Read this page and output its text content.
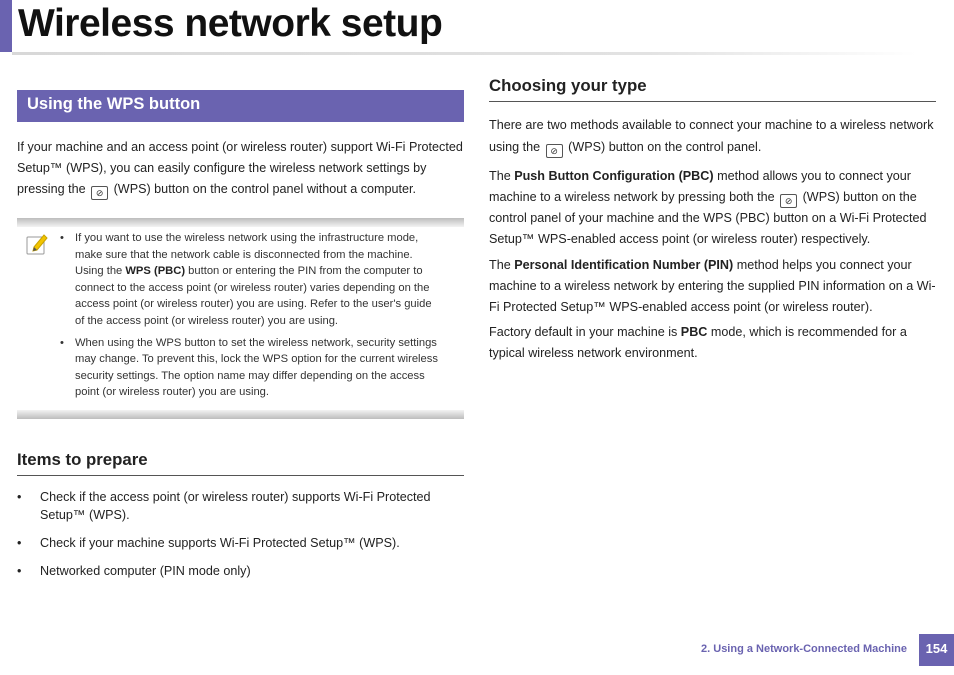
Wireless network setup
Using the WPS button
If your machine and an access point (or wireless router) support Wi-Fi Protected
Setup™ (WPS), you can easily configure the wireless network settings by
pressing the ⊘ (WPS) button on the control panel without a computer.
• If you want to use the wireless network using the infrastructure mode,
make sure that the network cable is disconnected from the machine.
Using the WPS (PBC) button or entering the PIN from the computer to
connect to the access point (or wireless router) varies depending on the
access point (or wireless router) you are using. Refer to the user's guide
of the access point (or wireless router) you are using.
• When using the WPS button to set the wireless network, security settings
may change. To prevent this, lock the WPS option for the current wireless
security settings. The option name may differ depending on the access
point (or wireless router) you are using.
Items to prepare
• Check if the access point (or wireless router) supports Wi-Fi Protected Setup™ (WPS).
• Check if your machine supports Wi-Fi Protected Setup™ (WPS).
• Networked computer (PIN mode only)
Choosing your type
There are two methods available to connect your machine to a wireless network
using the ⊘ (WPS) button on the control panel.
The Push Button Configuration (PBC) method allows you to connect your
machine to a wireless network by pressing both the ⊘ (WPS) button on the
control panel of your machine and the WPS (PBC) button on a Wi-Fi Protected
Setup™ WPS-enabled access point (or wireless router) respectively.
The Personal Identification Number (PIN) method helps you connect your
machine to a wireless network by entering the supplied PIN information on a Wi-
Fi Protected Setup™ WPS-enabled access point (or wireless router).
Factory default in your machine is PBC mode, which is recommended for a
typical wireless network environment.
2. Using a Network-Connected Machine	154
